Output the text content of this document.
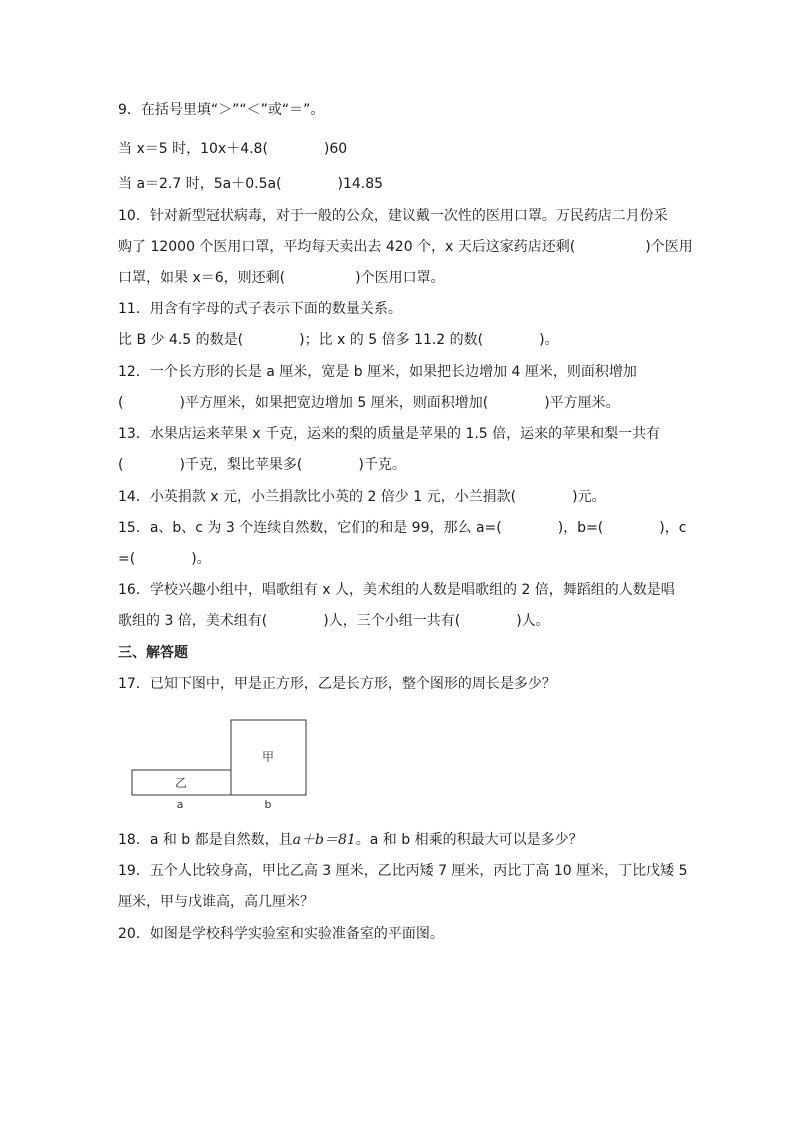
9．在括号里填“＞”“＜”或“＝”。
当 x＝5 时，10x＋4.8(　　　　)60
当 a＝2.7 时，5a＋0.5a(　　　　)14.85
10．针对新型冠状病毒，对于一般的公众，建议戴一次性的医用口罩。万民药店二月份采
购了 12000 个医用口罩，平均每天卖出去 420 个，x 天后这家药店还剩(　　　　　)个医用
口罩，如果 x＝6，则还剩(　　　　　)个医用口罩。
11．用含有字母的式子表示下面的数量关系。
比 B 少 4.5 的数是(　　　　)；比 x 的 5 倍多 11.2 的数(　　　　)。
12．一个长方形的长是 a 厘米，宽是 b 厘米，如果把长边增加 4 厘米，则面积增加
(　　　　)平方厘米，如果把宽边增加 5 厘米，则面积增加(　　　　)平方厘米。
13．水果店运来苹果 x 千克，运来的梨的质量是苹果的 1.5 倍，运来的苹果和梨一共有
(　　　　)千克，梨比苹果多(　　　　)千克。
14．小英捐款 x 元，小兰捐款比小英的 2 倍少 1 元，小兰捐款(　　　　)元。
15．a、b、c 为 3 个连续自然数，它们的和是 99，那么 a=(　　　　)，b=(　　　　)，c
=(　　　　)。
16．学校兴趣小组中，唱歌组有 x 人，美术组的人数是唱歌组的 2 倍，舞蹈组的人数是唱
歌组的 3 倍，美术组有(　　　　)人，三个小组一共有(　　　　)人。
三、解答题
17．已知下图中，甲是正方形，乙是长方形，整个图形的周长是多少？
甲
乙
a	b
18．a 和 b 都是自然数，且a＋b＝81。a 和 b 相乘的积最大可以是多少？
19．五个人比较身高，甲比乙高 3 厘米，乙比丙矮 7 厘米，丙比丁高 10 厘米，丁比戊矮 5
厘米，甲与戊谁高，高几厘米？
20．如图是学校科学实验室和实验准备室的平面图。
